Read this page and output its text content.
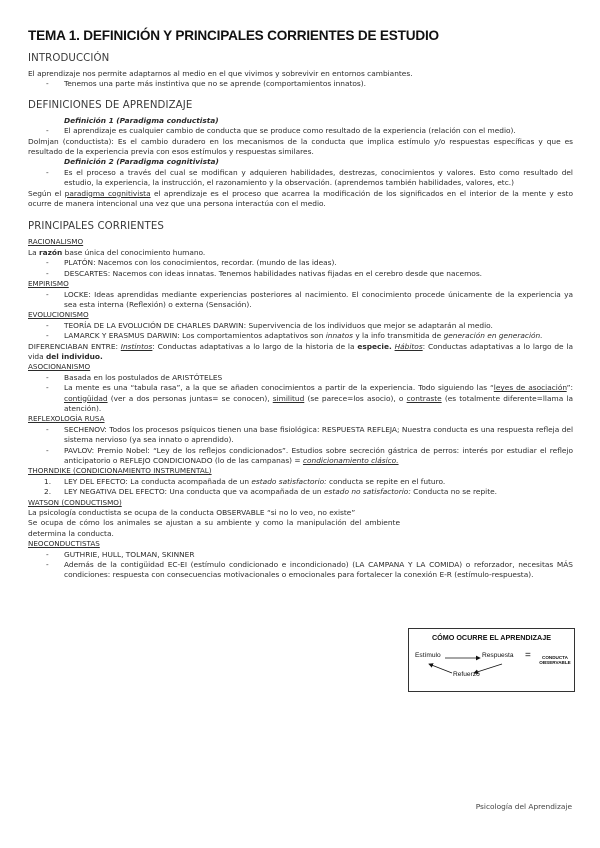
TEMA 1. DEFINICIÓN Y PRINCIPALES CORRIENTES DE ESTUDIO
INTRODUCCIÓN

El aprendizaje nos permite adaptarnos al medio en el que vivimos y sobrevivir en entornos cambiantes.

- Tenemos una parte más instintiva que no se aprende (comportamientos innatos).
DEFINICIONES DE APRENDIZAJE

Definición 1 (Paradigma conductista)

- El aprendizaje es cualquier cambio de conducta que se produce como resultado de la experiencia (relación con el medio).

Dolmjan (conductista): Es el cambio duradero en los mecanismos de la conducta que implica estímulo y/o respuestas específicas y que es resultado de la experiencia previa con esos estímulos y respuestas similares.

Definición 2 (Paradigma cognitivista)

- Es el proceso a través del cual se modifican y adquieren habilidades, destrezas, conocimientos y valores. Esto como resultado del estudio, la experiencia, la instrucción, el razonamiento y la observación. (aprendemos también habilidades, valores, etc.)

Según el paradigma cognitivista el aprendizaje es el proceso que acarrea la modificación de los significados en el interior de la mente y esto ocurre de manera intencional una vez que una persona interactúa con el medio.

PRINCIPALES CORRIENTES

RACIONALISMO

La razón base única del conocimiento humano.

- PLATÓN: Nacemos con los conocimientos, recordar. (mundo de las ideas).
- DESCARTES: Nacemos con ideas innatas. Tenemos habilidades nativas fijadas en el cerebro desde que nacemos.

EMPIRISMO

- LOCKE: Ideas aprendidas mediante experiencias posteriores al nacimiento. El conocimiento procede únicamente de la experiencia ya sea esta interna (Reflexión) o externa (Sensación).

EVOLUCIONISMO

- TEORÍA DE LA EVOLUCIÓN DE CHARLES DARWIN: Supervivencia de los individuos que mejor se adaptarán al medio.
- LAMARCK Y ERASMUS DARWIN: Los comportamientos adaptativos son innatos y la info transmitida de generación en generación.

DIFERENCIABAN ENTRE: Instintos: Conductas adaptativas a lo largo de la historia de la especie. Hábitos: Conductas adaptativas a lo largo de la vida del individuo.

ASOCIONANISMO

- Basada en los postulados de ARISTÓTELES
- La mente es una “tabula rasa”, a la que se añaden conocimientos a partir de la experiencia. Todo siguiendo las “leyes de asociación”: contigüidad (ver a dos personas juntas= se conocen), similitud (se parece=los asocio), o contraste (es totalmente diferente=llama la atención).

REFLEXOLOGÍA RUSA

- SECHENOV: Todos los procesos psíquicos tienen una base fisiológica: RESPUESTA REFLEJA; Nuestra conducta es una respuesta refleja del sistema nervioso (ya sea innato o aprendido).
- PAVLOV: Premio Nobel: “Ley de los reflejos condicionados”. Estudios sobre secreción gástrica de perros: interés por estudiar el reflejo anticipatorio o REFLEJO CONDICIONADO (lo de las campanas) = condicionamiento clásico.

THORNDIKE (CONDICIONAMIENTO INSTRUMENTAL)

1. LEY DEL EFECTO: La conducta acompañada de un estado satisfactorio: conducta se repite en el futuro.
2. LEY NEGATIVA DEL EFECTO: Una conducta que va acompañada de un estado no satisfactorio: Conducta no se repite.

WATSON (CONDUCTISMO)

La psicología conductista se ocupa de la conducta OBSERVABLE “si no lo veo, no existe”

Se ocupa de cómo los animales se ajustan a su ambiente y como la manipulación del ambiente determina la conducta.

NEOCONDUCTISTAS

- GUTHRIE, HULL, TOLMAN, SKINNER
- Además de la contigüidad EC-EI (estímulo condicionado e incondicionado) (LA CAMPANA Y LA COMIDA) o reforzador, necesitas MÁS condiciones: respuesta con consecuencias motivacionales o emocionales para fortalecer la conexión E-R (estímulo-respuesta).
CÓMO OCURRE EL APRENDIZAJE
Estímulo	Respuesta =	CONDUCTA
OBSERVABLE
Refuerzo
Psicología del Aprendizaje
